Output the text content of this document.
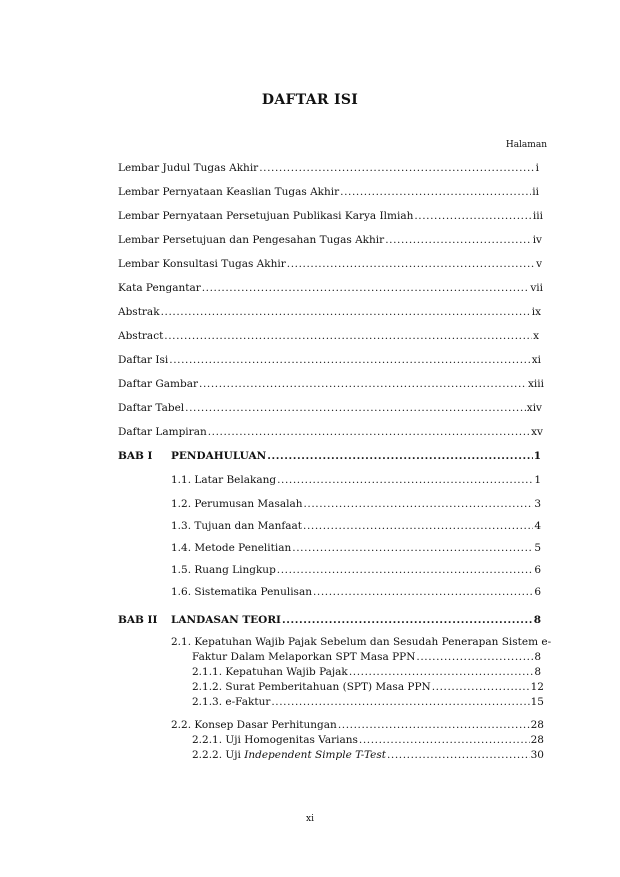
DAFTAR ISI
Halaman
Lembar Judul Tugas Akhir .....	i
Lembar Pernyataan Keaslian Tugas Akhir .....	ii
Lembar Pernyataan Persetujuan Publikasi Karya Ilmiah .....	iii
Lembar Persetujuan dan Pengesahan Tugas Akhir .....	iv
Lembar Konsultasi Tugas Akhir .....	v
Kata Pengantar .....	vii
Abstrak .....	ix
Abstract .....	x
Daftar Isi .....	xi
Daftar Gambar .....	xiii
Daftar Tabel .....	xiv
Daftar Lampiran .....	xv
BAB I PENDAHULUAN .....	1
1.1. Latar Belakang .....	1
1.2. Perumusan Masalah .....	3
1.3. Tujuan dan Manfaat .....	4
1.4. Metode Penelitian .....	5
1.5. Ruang Lingkup .....	6
1.6. Sistematika Penulisan .....	6
BAB II LANDASAN TEORI .....	8
2.1. Kepatuhan Wajib Pajak Sebelum dan Sesudah Penerapan Sistem e-
Faktur Dalam Melaporkan SPT Masa PPN .....	8
2.1.1. Kepatuhan Wajib Pajak .....	8
2.1.2. Surat Pemberitahuan (SPT) Masa PPN .....	12
2.1.3. e-Faktur .....	15
2.2. Konsep Dasar Perhitungan .....	28
2.2.1. Uji Homogenitas Varians .....	28
2.2.2. Uji Independent Simple T-Test .....	30
xi
